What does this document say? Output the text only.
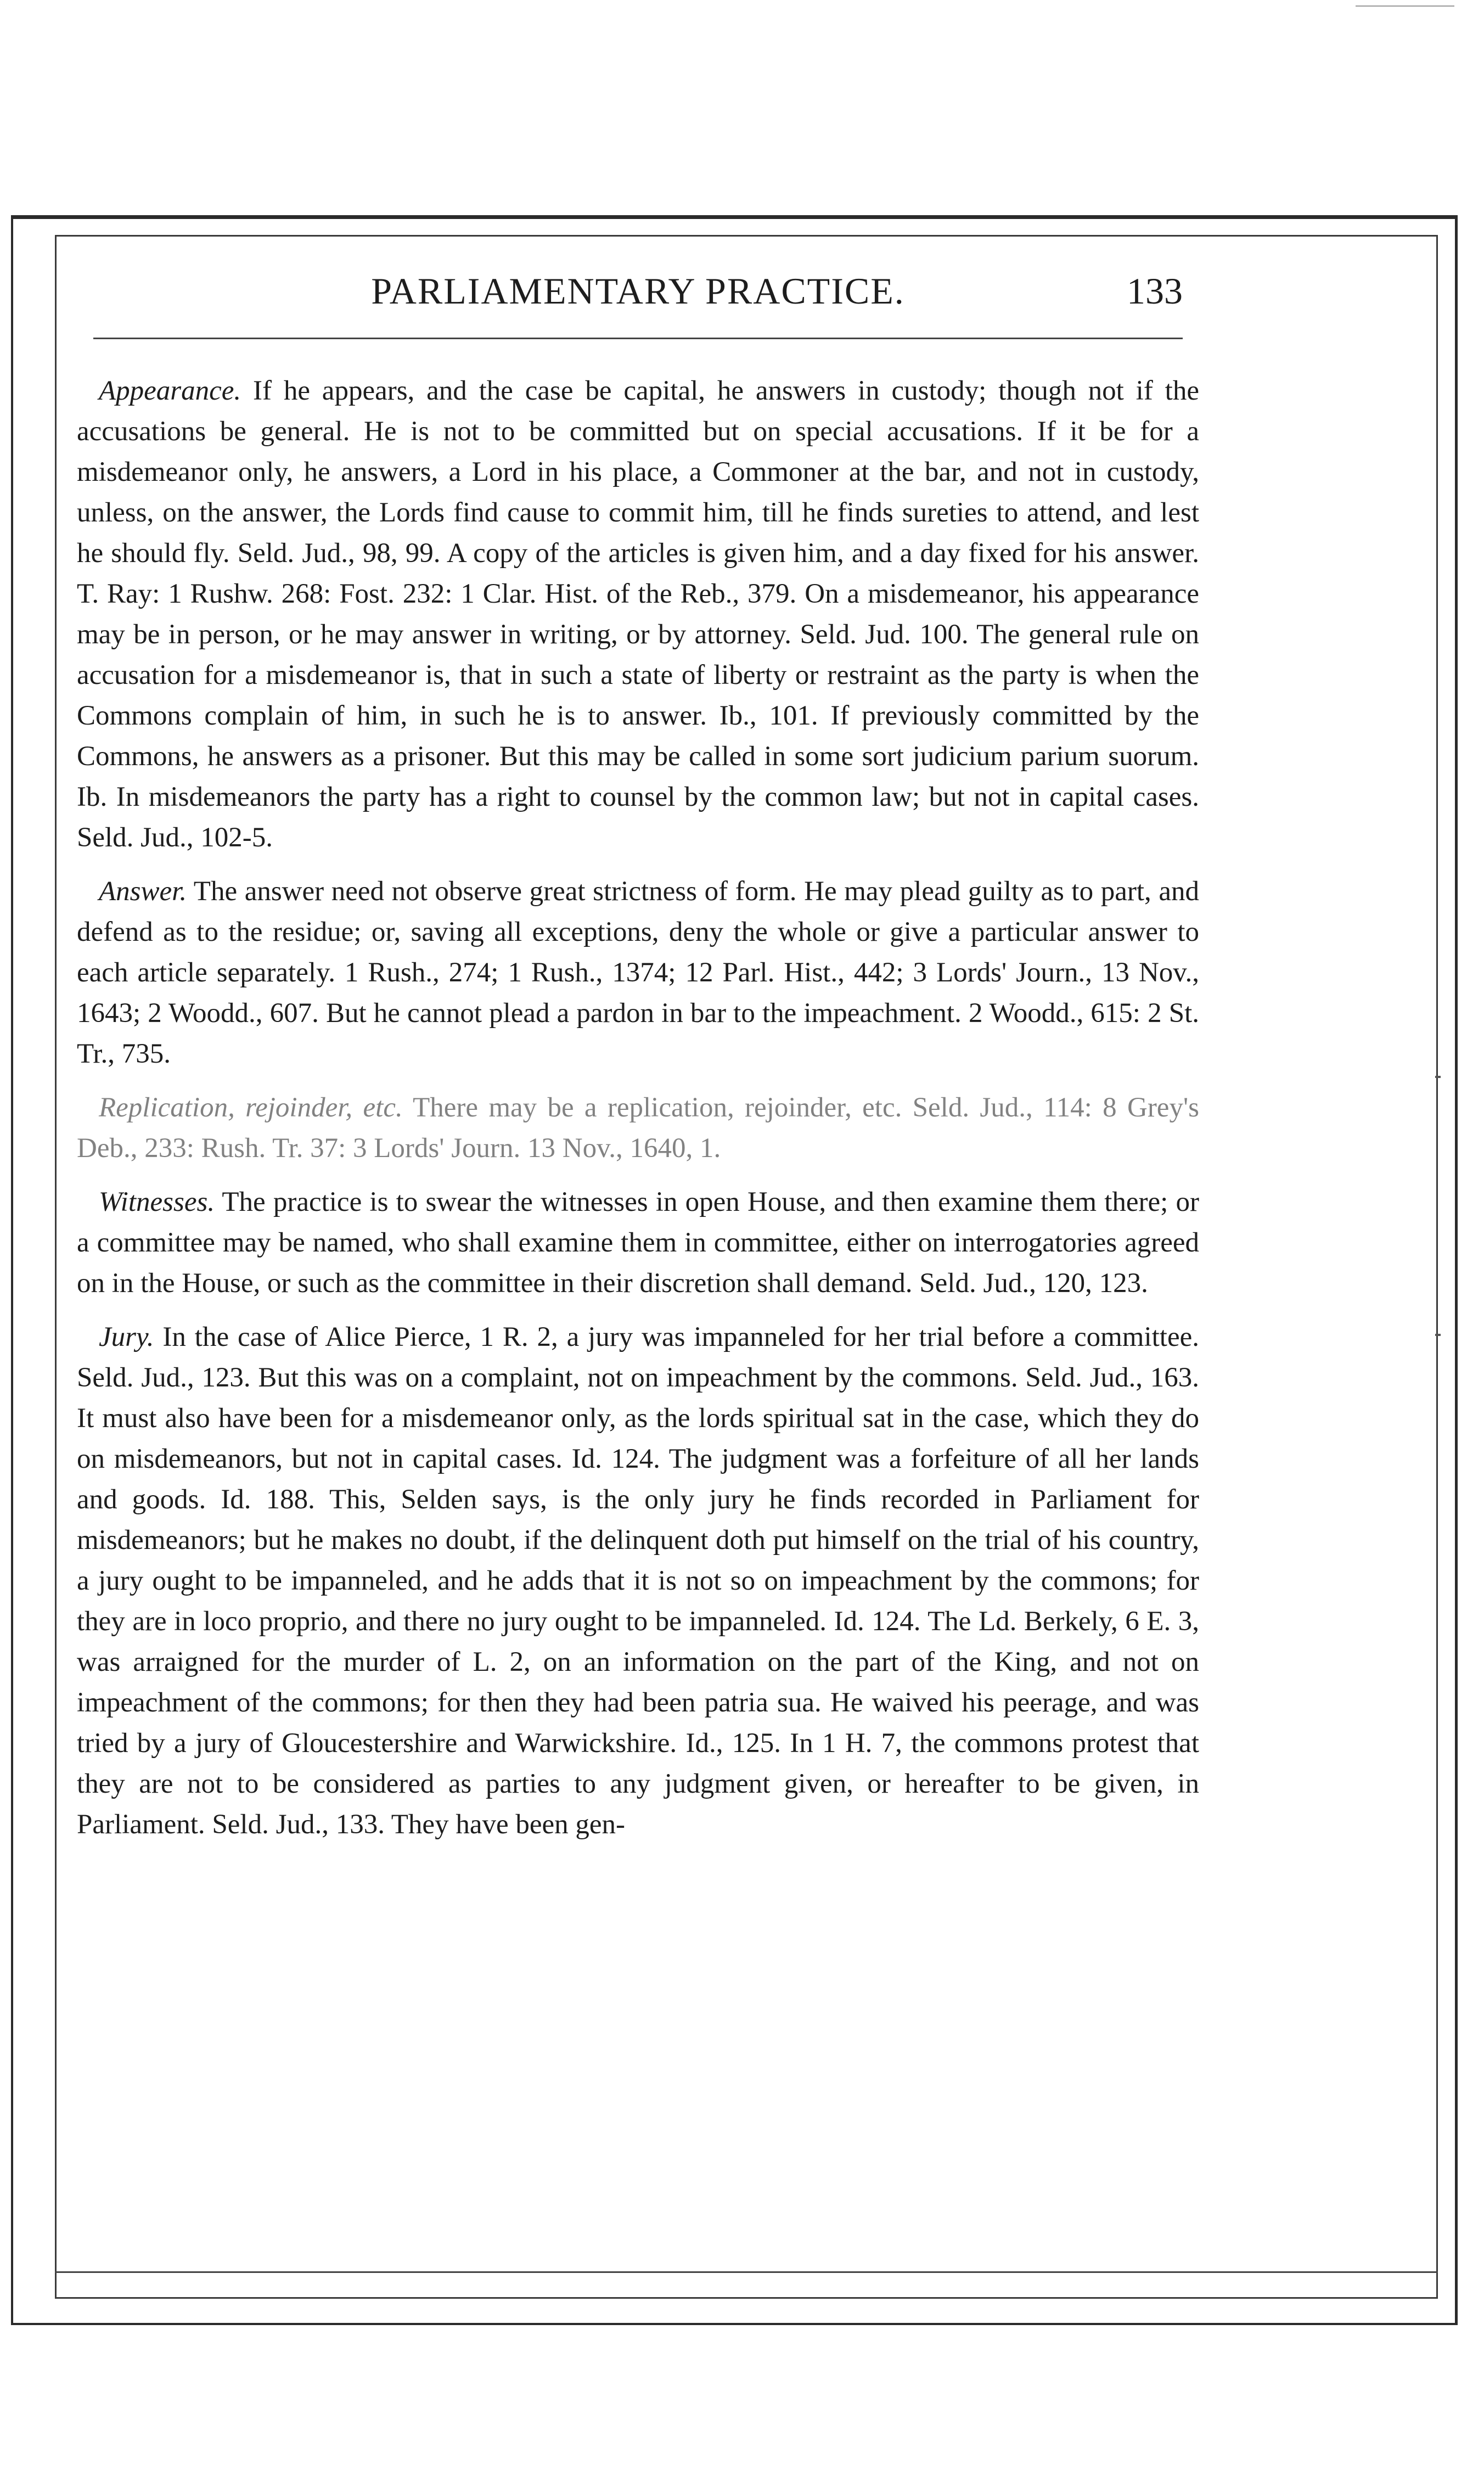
PARLIAMENTARY PRACTICE.	133

Appearance. If he appears, and the case be capital, he answers in custody; though not if the accusations be general. He is not to be committed but on special accusations. If it be for a misdemeanor only, he answers, a Lord in his place, a Commoner at the bar, and not in custody, unless, on the answer, the Lords find cause to commit him, till he finds sureties to attend, and lest he should fly. Seld. Jud., 98, 99. A copy of the articles is given him, and a day fixed for his answer. T. Ray: 1 Rushw. 268: Fost. 232: 1 Clar. Hist. of the Reb., 379. On a misdemeanor, his appearance may be in person, or he may answer in writing, or by attorney. Seld. Jud. 100. The general rule on accusation for a misdemeanor is, that in such a state of liberty or restraint as the party is when the Commons complain of him, in such he is to answer. Ib., 101. If previously committed by the Commons, he answers as a prisoner. But this may be called in some sort judicium parium suorum. Ib. In misdemeanors the party has a right to counsel by the common law; but not in capital cases. Seld. Jud., 102-5.

Answer. The answer need not observe great strictness of form. He may plead guilty as to part, and defend as to the residue; or, saving all exceptions, deny the whole or give a particular answer to each article separately. 1 Rush., 274; 1 Rush., 1374; 12 Parl. Hist., 442; 3 Lords' Journ., 13 Nov., 1643; 2 Woodd., 607. But he cannot plead a pardon in bar to the impeachment. 2 Woodd., 615: 2 St. Tr., 735.

Replication, rejoinder, etc. There may be a replication, rejoinder, etc. Seld. Jud., 114: 8 Grey's Deb., 233: Rush. Tr. 37: 3 Lords' Journ. 13 Nov., 1640, 1.

Witnesses. The practice is to swear the witnesses in open House, and then examine them there; or a committee may be named, who shall examine them in committee, either on interrogatories agreed on in the House, or such as the committee in their discretion shall demand. Seld. Jud., 120, 123.

Jury. In the case of Alice Pierce, 1 R. 2, a jury was impanneled for her trial before a committee. Seld. Jud., 123. But this was on a complaint, not on impeachment by the commons. Seld. Jud., 163. It must also have been for a misdemeanor only, as the lords spiritual sat in the case, which they do on misdemeanors, but not in capital cases. Id. 124. The judgment was a forfeiture of all her lands and goods. Id. 188. This, Selden says, is the only jury he finds recorded in Parliament for misdemeanors; but he makes no doubt, if the delinquent doth put himself on the trial of his country, a jury ought to be impanneled, and he adds that it is not so on impeachment by the commons; for they are in loco proprio, and there no jury ought to be impanneled. Id. 124. The Ld. Berkely, 6 E. 3, was arraigned for the murder of L. 2, on an information on the part of the King, and not on impeachment of the commons; for then they had been patria sua. He waived his peerage, and was tried by a jury of Gloucestershire and Warwickshire. Id., 125. In 1 H. 7, the commons protest that they are not to be considered as parties to any judgment given, or hereafter to be given, in Parliament. Seld. Jud., 133. They have been gen-
